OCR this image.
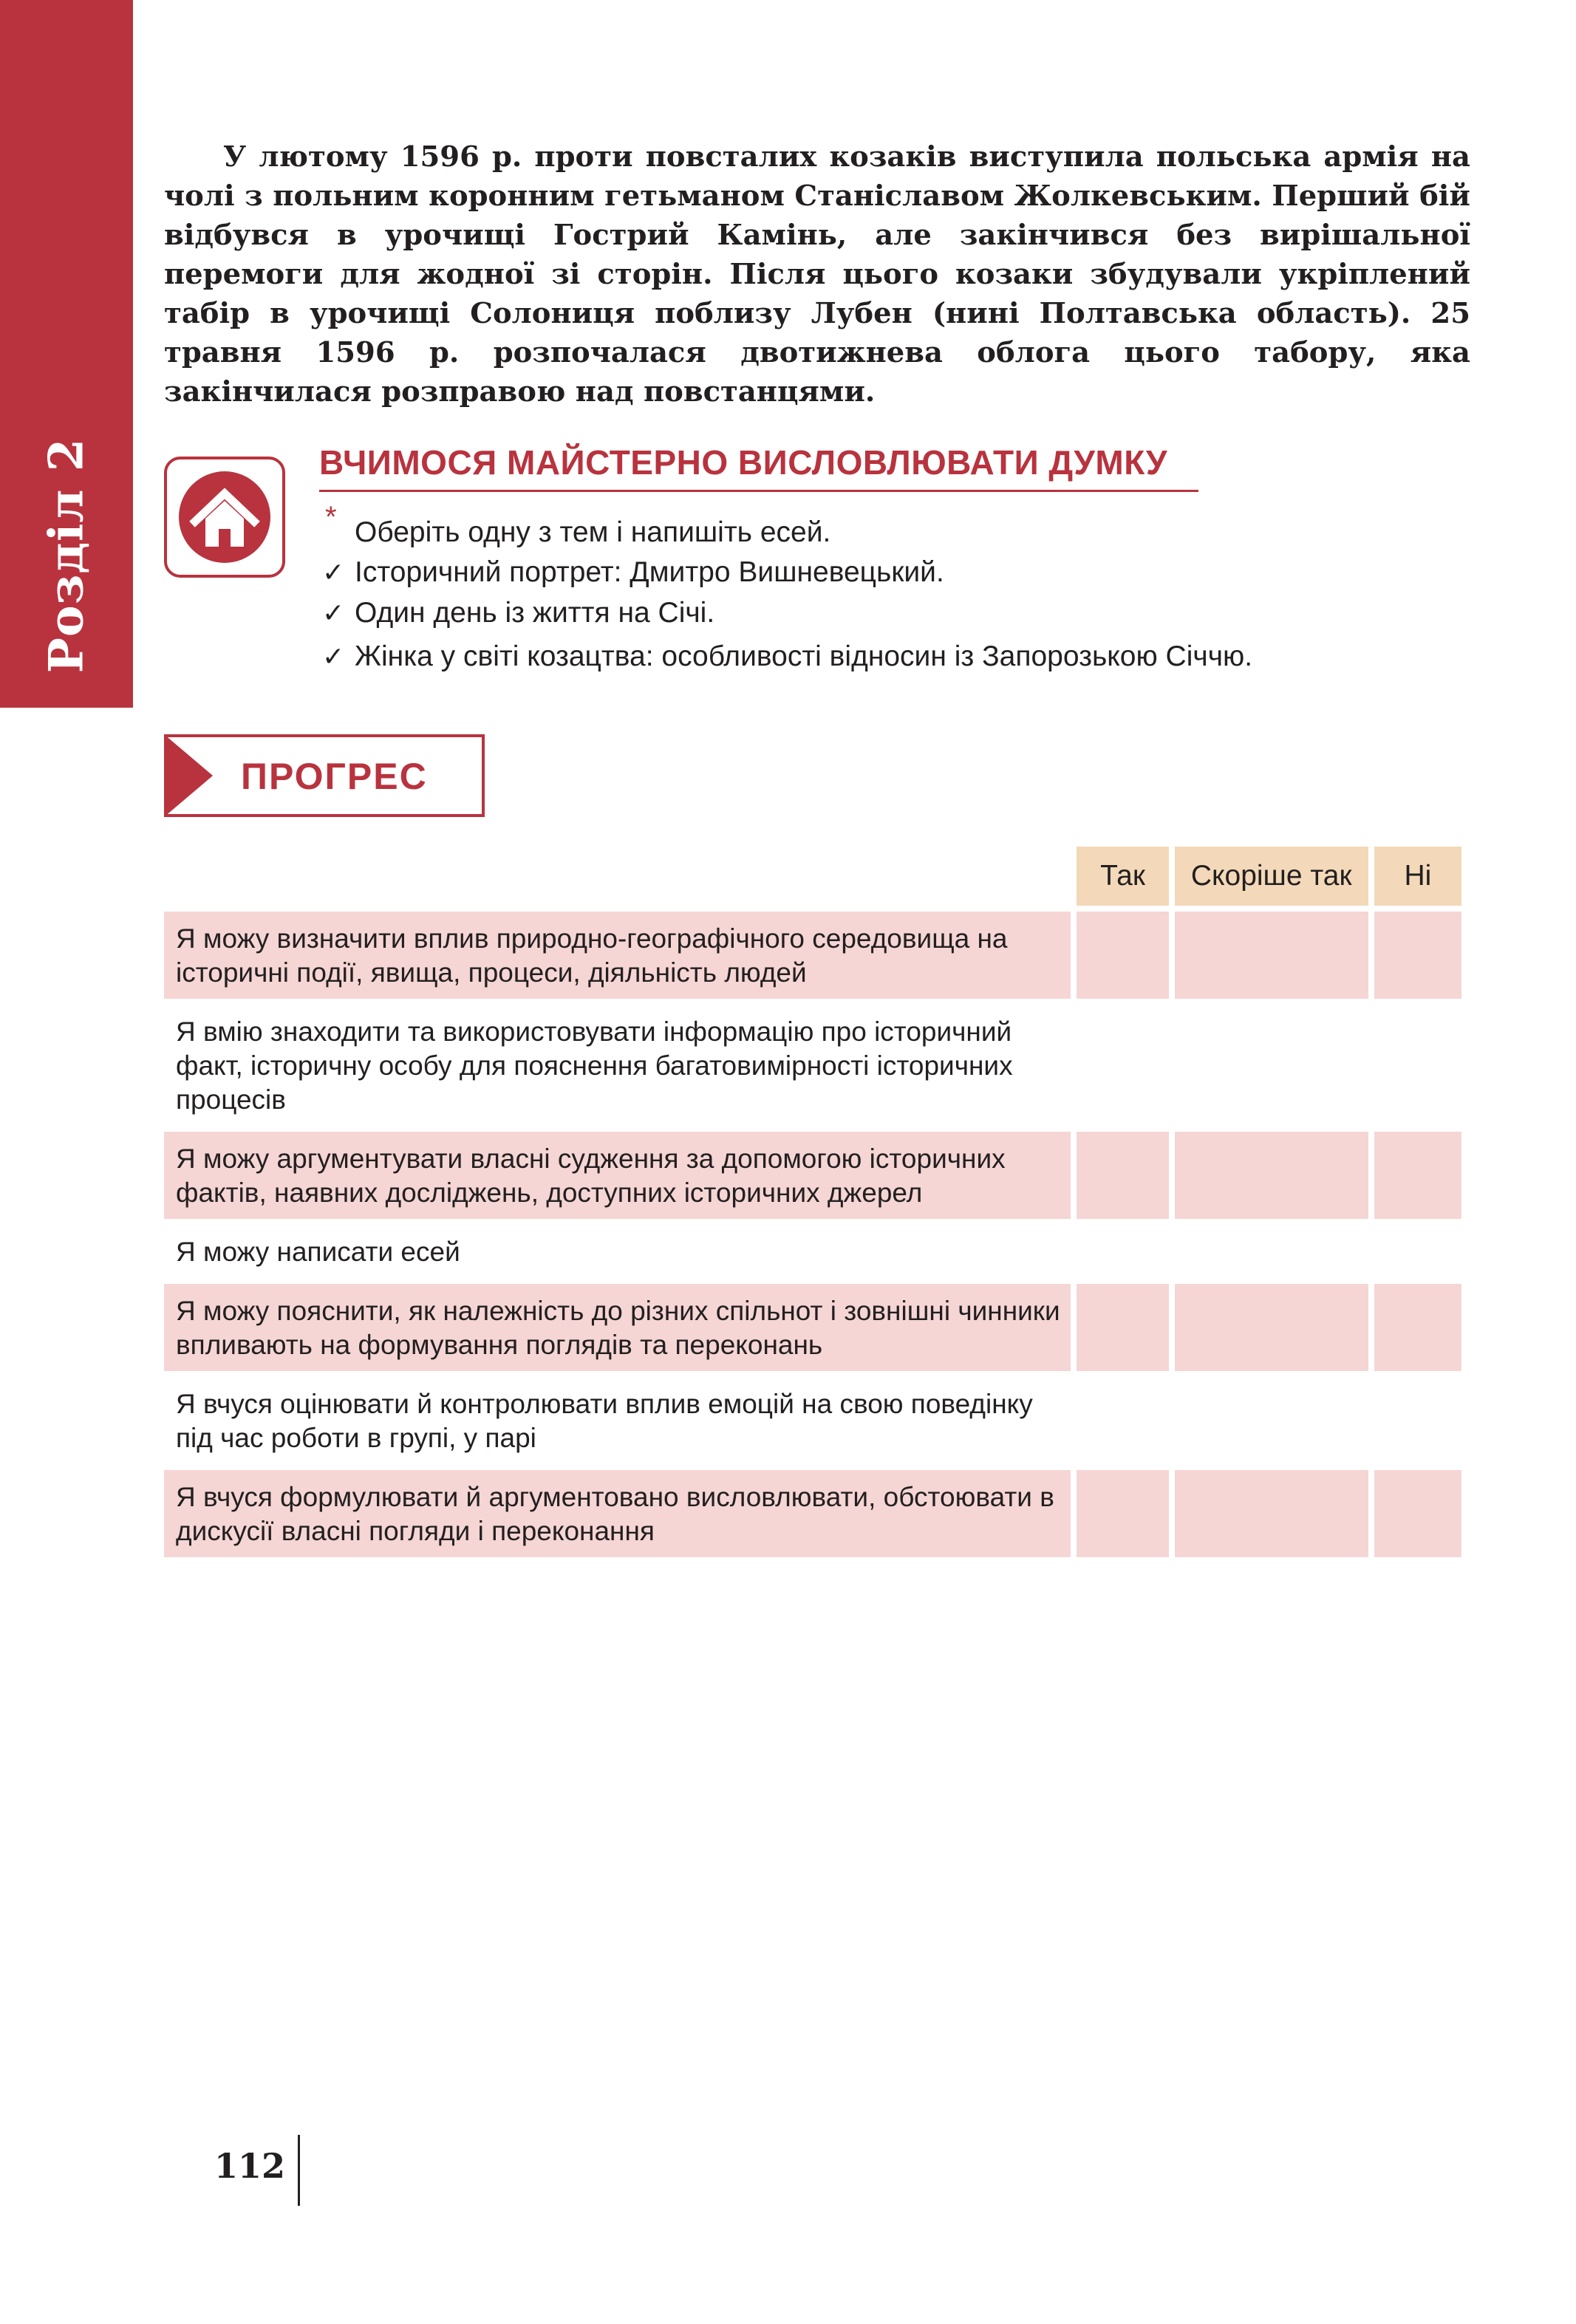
Розділ 2

У лютому 1596 р. проти повсталих козаків виступила польська армія на чолі з польним коронним гетьманом Станіславом Жолкевським. Перший бій відбувся в урочищі Гострий Камінь, але закінчився без вирішальної перемоги для жодної зі сторін. Після цього козаки збудували укріплений табір в урочищі Солониця поблизу Лубен (нині Полтавська область). 25 травня 1596 р. розпочалася двотижнева облога цього табору, яка закінчилася розправою над повстанцями.

ВЧИМОСЯ МАЙСТЕРНО ВИСЛОВЛЮВАТИ ДУМКУ
* Оберіть одну з тем і напишіть есей.
✓ Історичний портрет: Дмитро Вишневецький.
✓ Один день із життя на Січі.
✓ Жінка у світі козацтва: особливості відносин із Запорозькою Січчю.
ПРОГРЕС
	Так	Скоріше так	Ні
Я можу визначити вплив природно-географічного середовища на історичні події, явища, процеси, діяльність людей			
Я вмію знаходити та використовувати інформацію про історичний факт, історичну особу для пояснення багатовимірності історичних процесів			
Я можу аргументувати власні судження за допомогою історичних фактів, наявних досліджень, доступних історичних джерел			
Я можу написати есей			
Я можу пояснити, як належність до різних спільнот і зовнішні чинники впливають на формування поглядів та переконань			
Я вчуся оцінювати й контролювати вплив емоцій на свою поведінку під час роботи в групі, у парі			
Я вчуся формулювати й аргументовано висловлювати, обстоювати в дискусії власні погляди і переконання			
112
